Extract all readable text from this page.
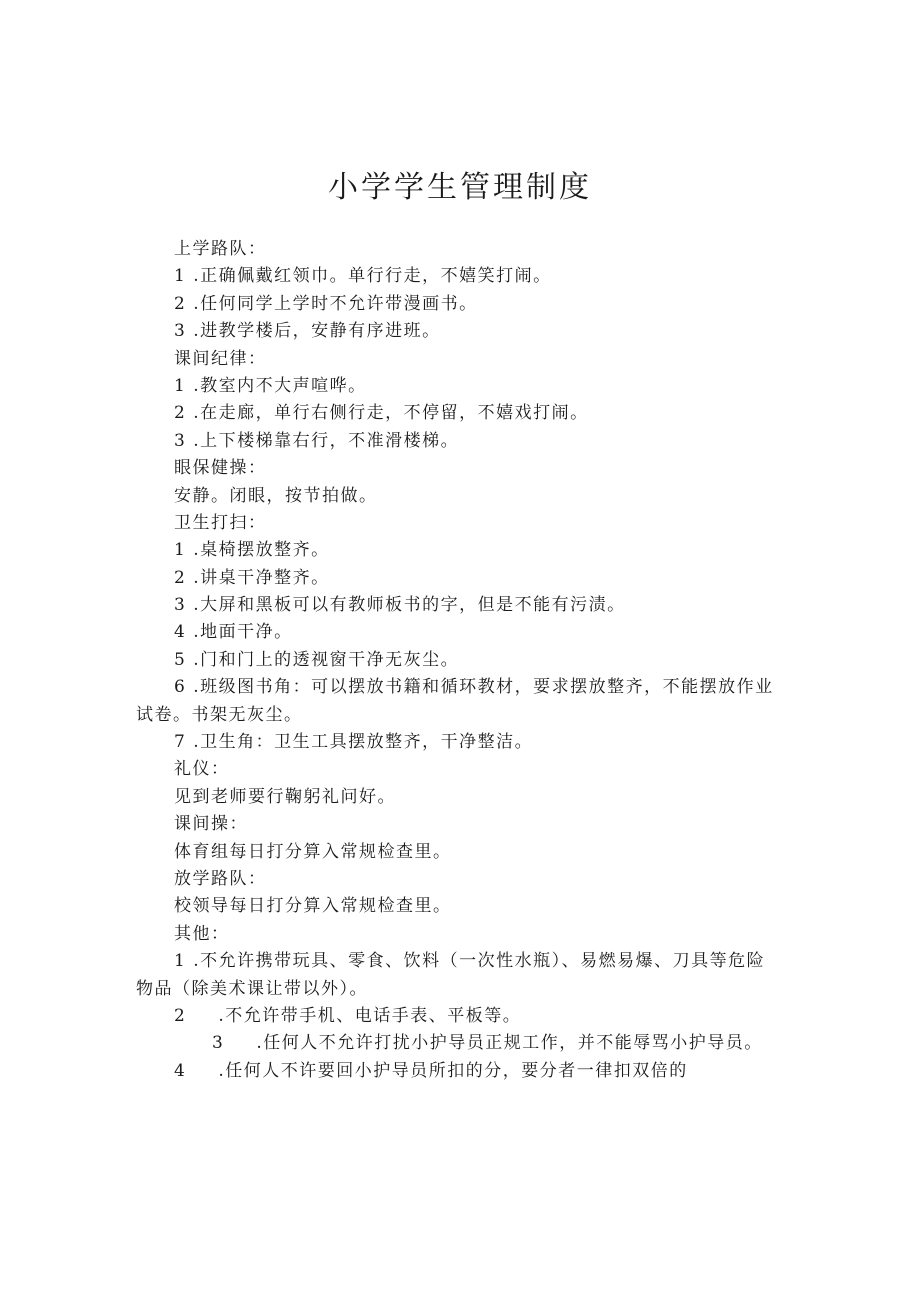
小学学生管理制度
上学路队：
1 .正确佩戴红领巾。单行行走，不嬉笑打闹。
2 .任何同学上学时不允许带漫画书。
3 .进教学楼后，安静有序进班。
课间纪律：
1 .教室内不大声喧哗。
2 .在走廊，单行右侧行走，不停留，不嬉戏打闹。
3 .上下楼梯靠右行，不准滑楼梯。
眼保健操：
安静。闭眼，按节拍做。
卫生打扫：
1 .桌椅摆放整齐。
2 .讲桌干净整齐。
3 .大屏和黑板可以有教师板书的字，但是不能有污渍。
4 .地面干净。
5 .门和门上的透视窗干净无灰尘。
6 .班级图书角：可以摆放书籍和循环教材，要求摆放整齐，不能摆放作业试卷。书架无灰尘。
7 .卫生角：卫生工具摆放整齐，干净整洁。
礼仪：
见到老师要行鞠躬礼问好。
课间操：
体育组每日打分算入常规检查里。
放学路队：
校领导每日打分算入常规检查里。
其他：
1 .不允许携带玩具、零食、饮料（一次性水瓶）、易燃易爆、刀具等危险物品（除美术课让带以外）。
2 .不允许带手机、电话手表、平板等。
3 .任何人不允许打扰小护导员正规工作，并不能辱骂小护导员。
4 .任何人不许要回小护导员所扣的分，要分者一律扣双倍的
